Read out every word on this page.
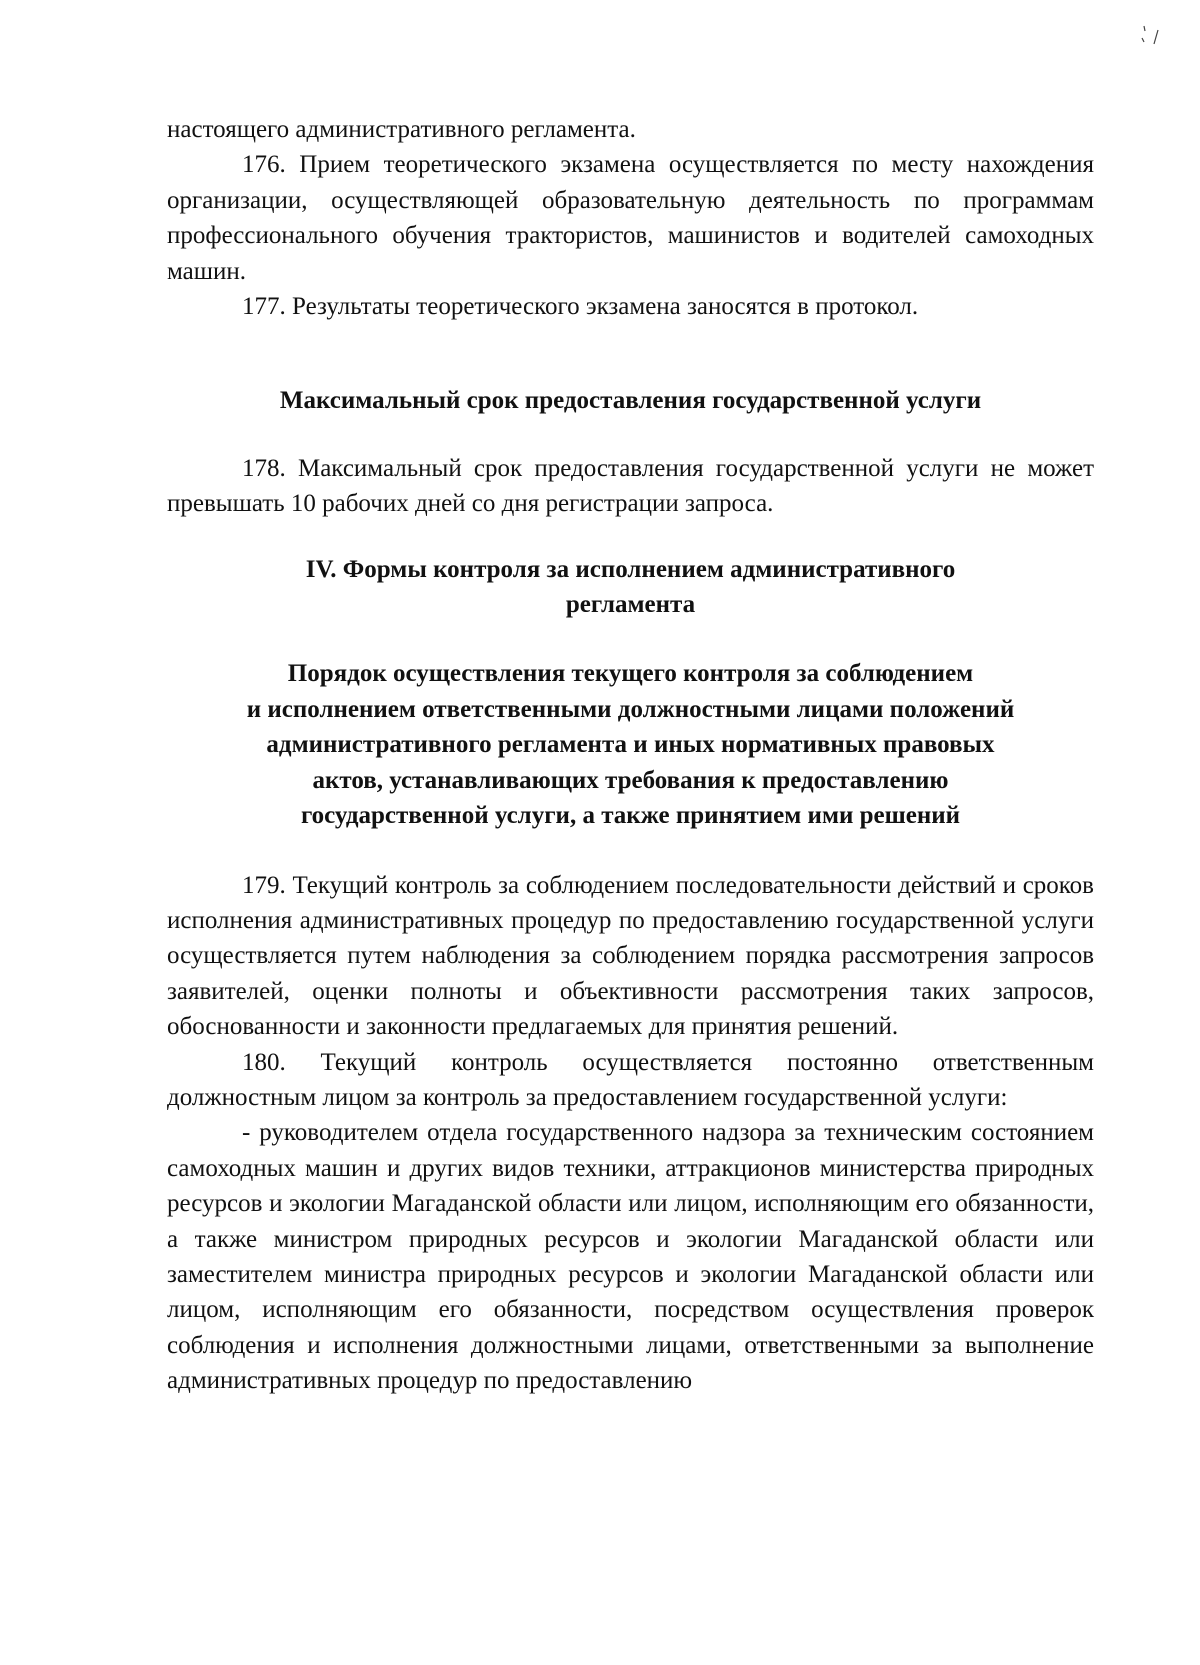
настоящего административного регламента.

176. Прием теоретического экзамена осуществляется по месту нахождения организации, осуществляющей образовательную деятельность по программам профессионального обучения трактористов, машинистов и водителей самоходных машин.

177. Результаты теоретического экзамена заносятся в протокол.

Максимальный срок предоставления государственной услуги

178. Максимальный срок предоставления государственной услуги не может превышать 10 рабочих дней со дня регистрации запроса.

IV. Формы контроля за исполнением административного
регламента
Порядок осуществления текущего контроля за соблюдением
и исполнением ответственными должностными лицами положений
административного регламента и иных нормативных правовых
актов, устанавливающих требования к предоставлению
государственной услуги, а также принятием ими решений

179. Текущий контроль за соблюдением последовательности действий и сроков исполнения административных процедур по предоставлению государственной услуги осуществляется путем наблюдения за соблюдением порядка рассмотрения запросов заявителей, оценки полноты и объективности рассмотрения таких запросов, обоснованности и законности предлагаемых для принятия решений.

180. Текущий контроль осуществляется постоянно ответственным должностным лицом за контроль за предоставлением государственной услуги:

- руководителем отдела государственного надзора за техническим состоянием самоходных машин и других видов техники, аттракционов министерства природных ресурсов и экологии Магаданской области или лицом, исполняющим его обязанности, а также министром природных ресурсов и экологии Магаданской области или заместителем министра природных ресурсов и экологии Магаданской области или лицом, исполняющим его обязанности, посредством осуществления проверок соблюдения и исполнения должностными лицами, ответственными за выполнение административных процедур по предоставлению
